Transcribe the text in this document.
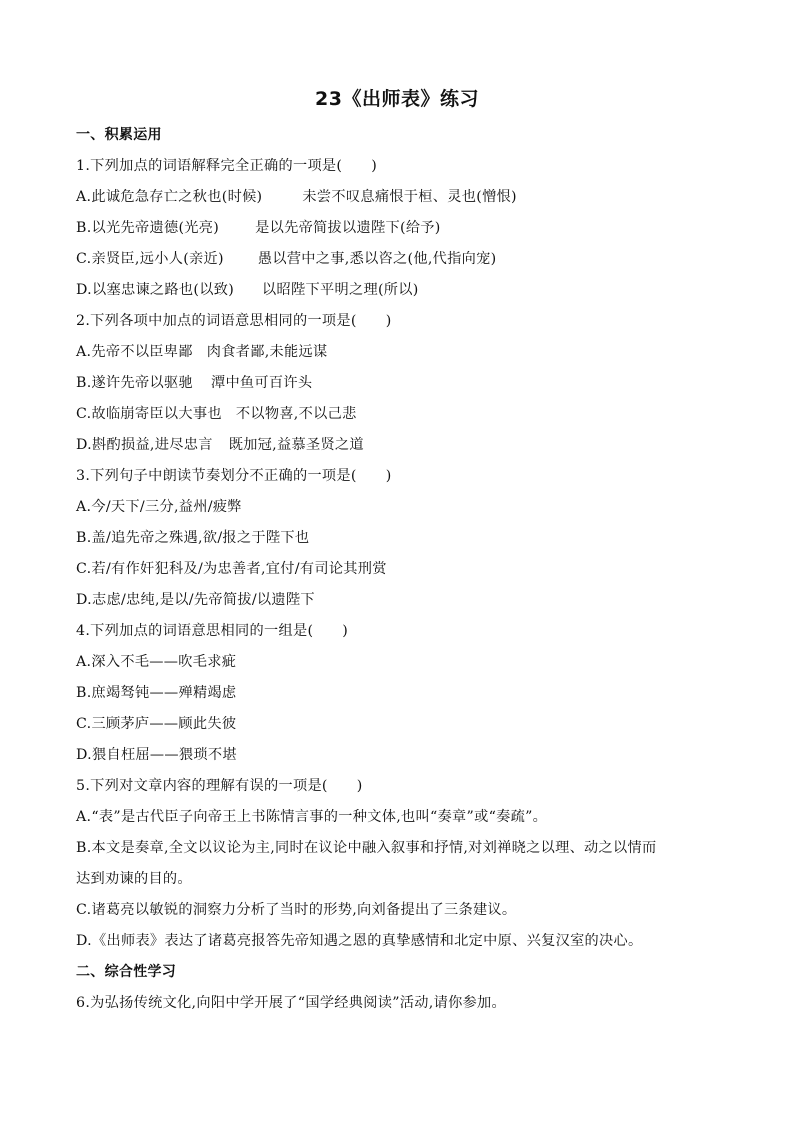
23《出师表》练习
一、积累运用
1.下列加点的词语解释完全正确的一项是(　　)
A.此诚危急存亡之秋也(时候)	未尝不叹息痛恨于桓、灵也(憎恨)
B.以光先帝遗德(光亮)	是以先帝简拔以遗陛下(给予)
C.亲贤臣,远小人(亲近) 愚以营中之事,悉以咨之(他,代指向宠)
D.以塞忠谏之路也(以致) 以昭陛下平明之理(所以)
2.下列各项中加点的词语意思相同的一项是(　　)
A.先帝不以臣卑鄙 肉食者鄙,未能远谋
B.遂许先帝以驱驰 潭中鱼可百许头
C.故临崩寄臣以大事也 不以物喜,不以己悲
D.斟酌损益,进尽忠言 既加冠,益慕圣贤之道
3.下列句子中朗读节奏划分不正确的一项是(　　)
A.今/天下/三分,益州/疲弊
B.盖/追先帝之殊遇,欲/报之于陛下也
C.若/有作奸犯科及/为忠善者,宜付/有司论其刑赏
D.志虑/忠纯,是以/先帝简拔/以遗陛下
4.下列加点的词语意思相同的一组是(　　)
A.深入不毛——吹毛求疵
B.庶竭驽钝——殚精竭虑
C.三顾茅庐——顾此失彼
D.猥自枉屈——猥琐不堪
5.下列对文章内容的理解有误的一项是(　　)
A.“表”是古代臣子向帝王上书陈情言事的一种文体,也叫“奏章”或“奏疏”。
B.本文是奏章,全文以议论为主,同时在议论中融入叙事和抒情,对刘禅晓之以理、动之以情而
达到劝谏的目的。
C.诸葛亮以敏锐的洞察力分析了当时的形势,向刘备提出了三条建议。
D.《出师表》表达了诸葛亮报答先帝知遇之恩的真挚感情和北定中原、兴复汉室的决心。
二、综合性学习
6.为弘扬传统文化,向阳中学开展了“国学经典阅读”活动,请你参加。
